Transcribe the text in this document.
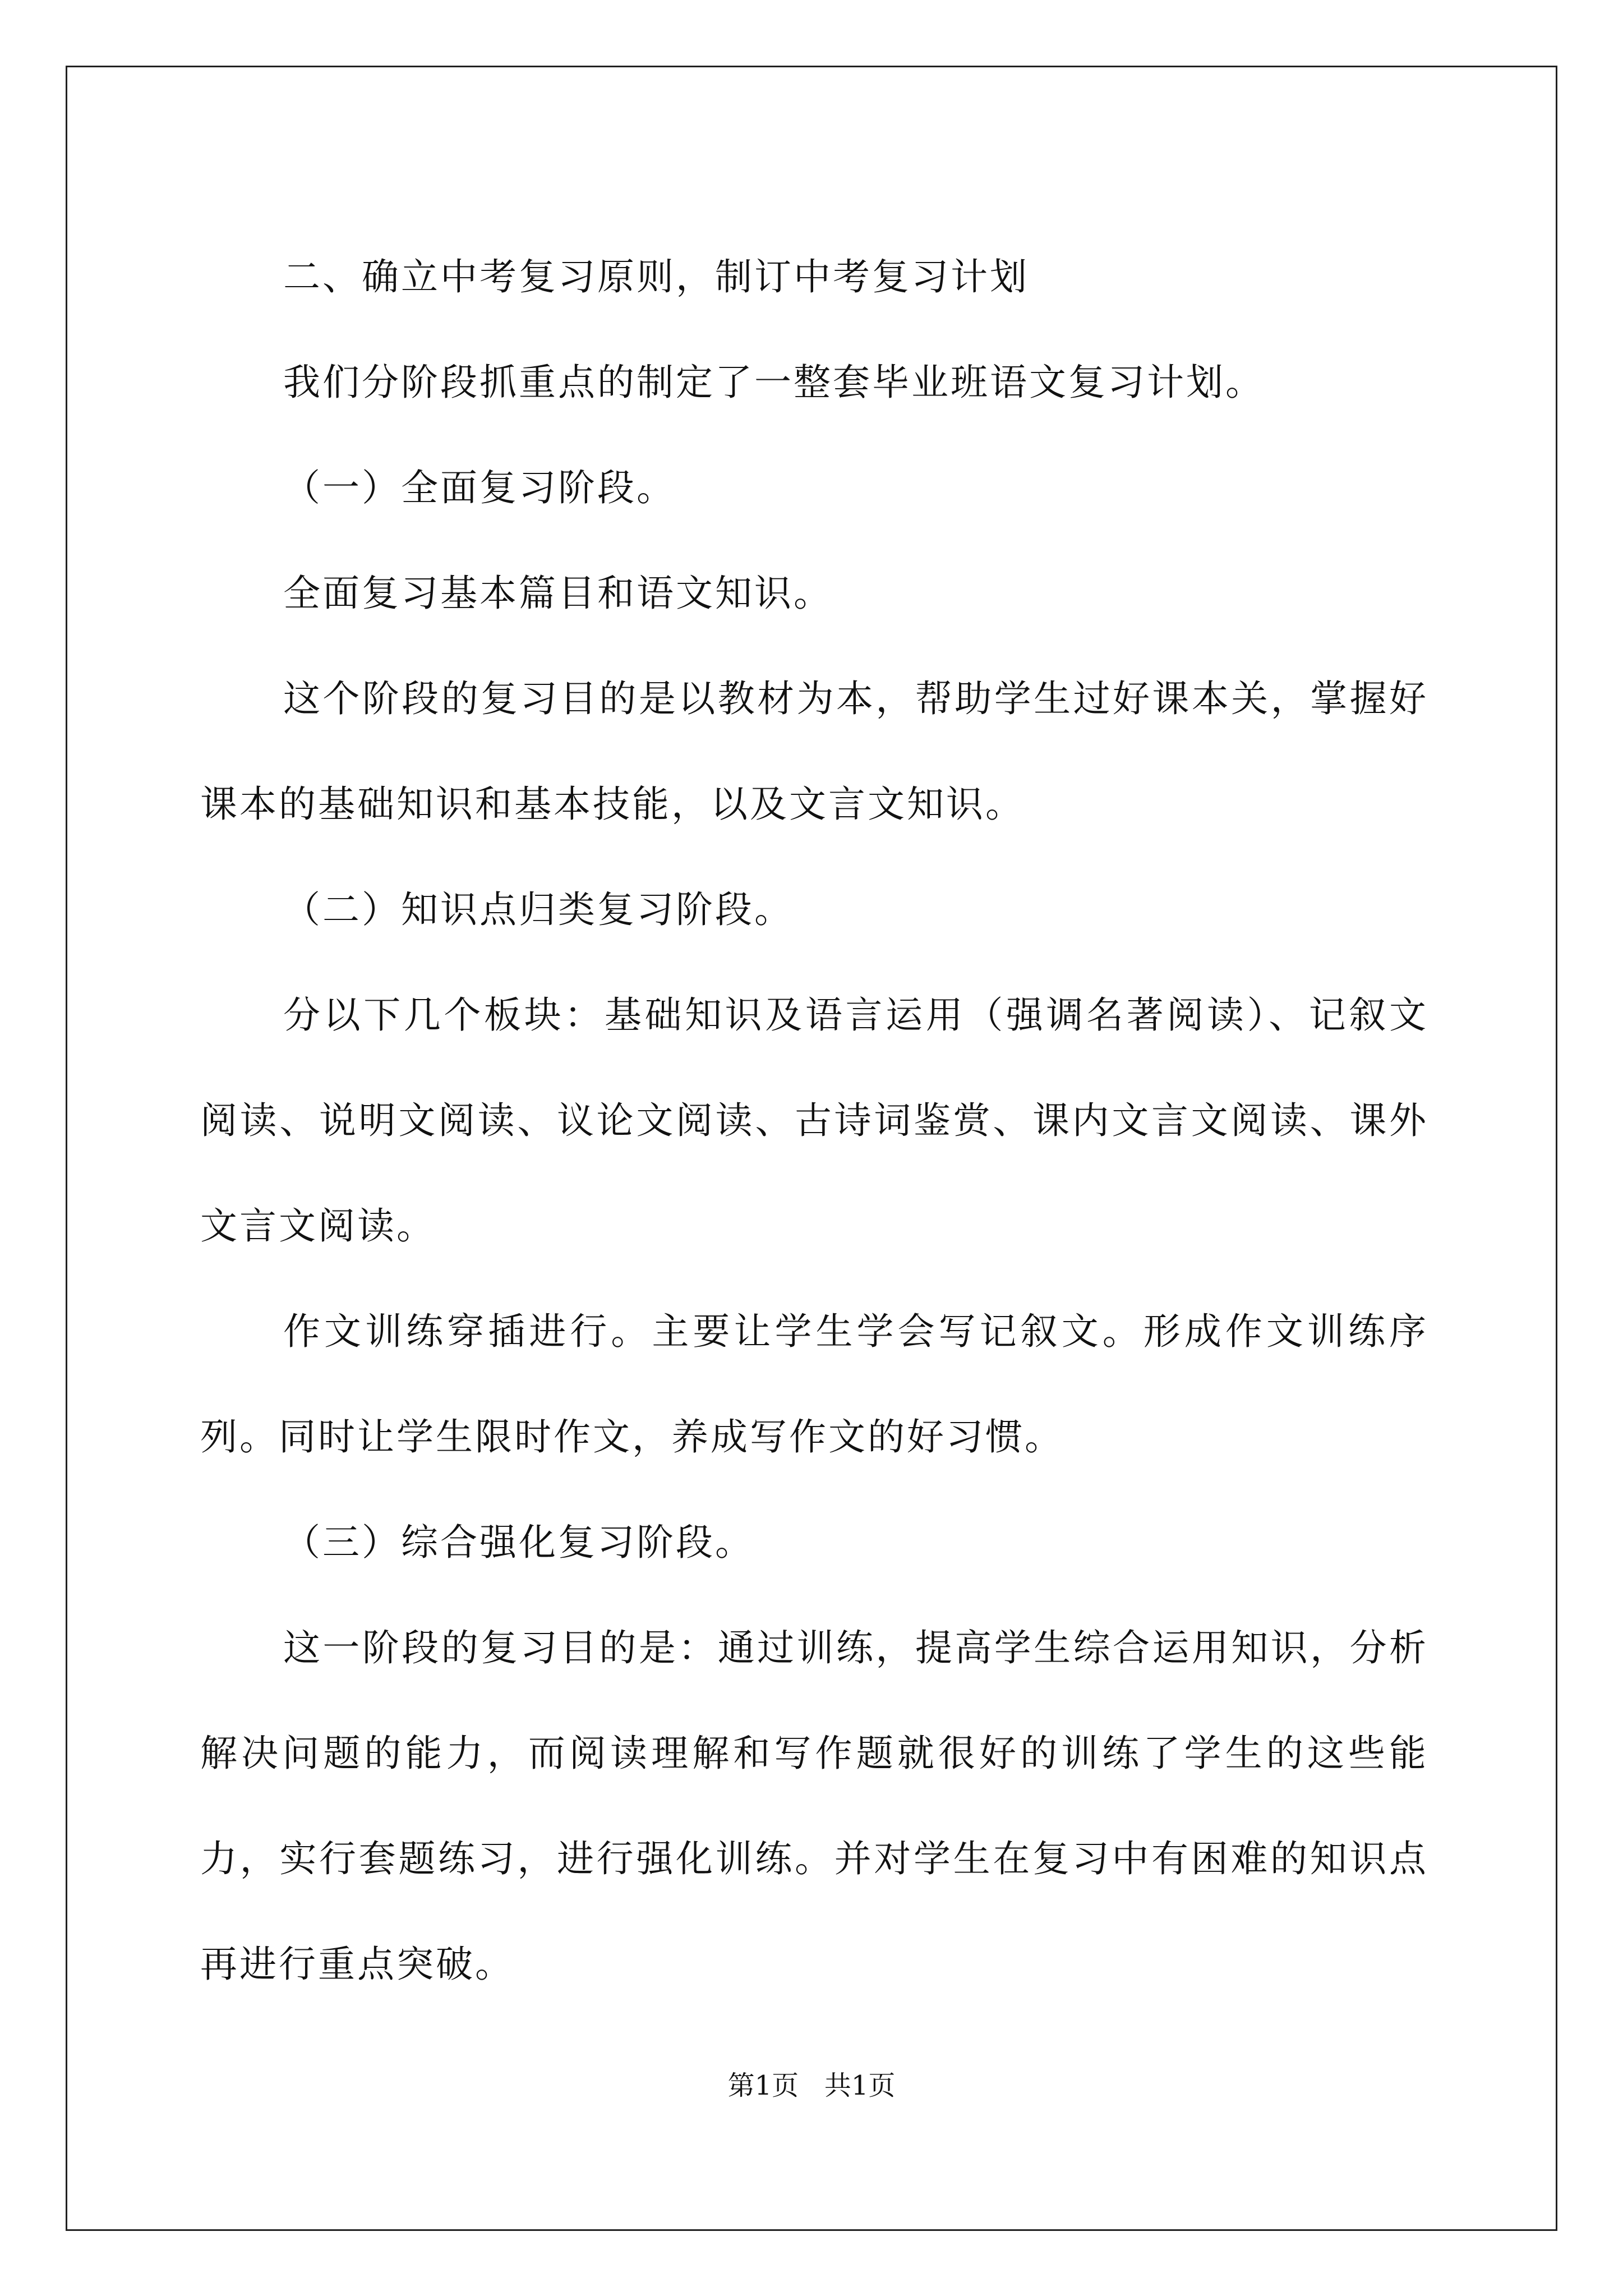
二、确立中考复习原则，制订中考复习计划

我们分阶段抓重点的制定了一整套毕业班语文复习计划。

（一）全面复习阶段。

全面复习基本篇目和语文知识。

这个阶段的复习目的是以教材为本，帮助学生过好课本关，掌握好课本的基础知识和基本技能，以及文言文知识。

（二）知识点归类复习阶段。

分以下几个板块：基础知识及语言运用（强调名著阅读）、记叙文阅读、说明文阅读、议论文阅读、古诗词鉴赏、课内文言文阅读、课外文言文阅读。

作文训练穿插进行。主要让学生学会写记叙文。形成作文训练序列。同时让学生限时作文，养成写作文的好习惯。

（三）综合强化复习阶段。

这一阶段的复习目的是：通过训练，提高学生综合运用知识，分析解决问题的能力，而阅读理解和写作题就很好的训练了学生的这些能力，实行套题练习，进行强化训练。并对学生在复习中有困难的知识点再进行重点突破。

第1页 共1页
